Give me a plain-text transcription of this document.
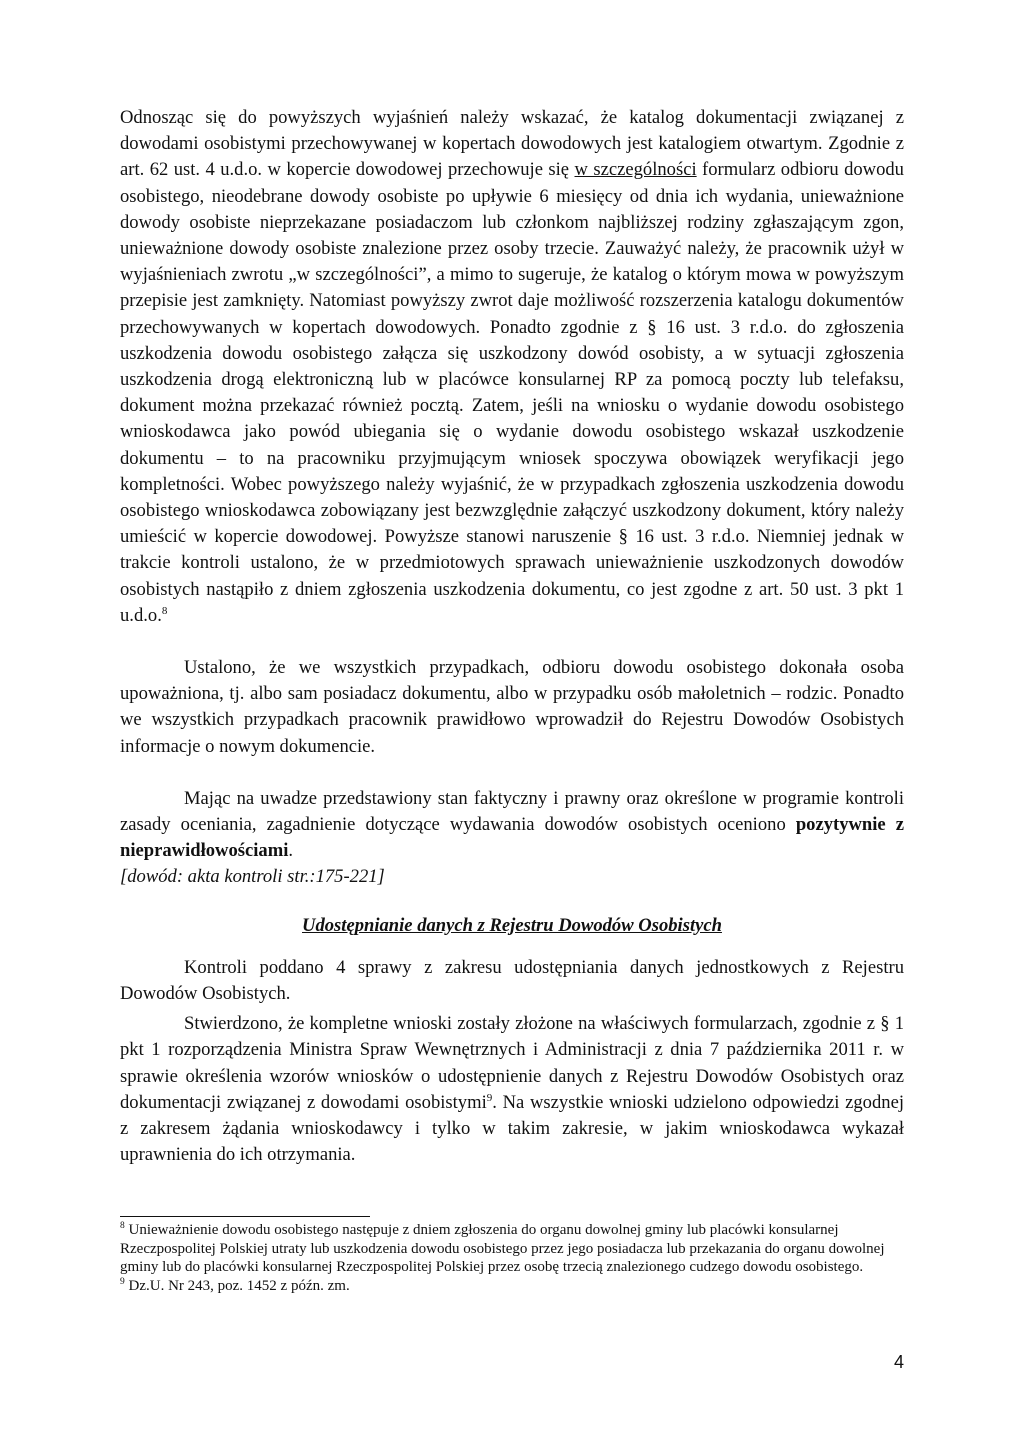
Odnosząc się do powyższych wyjaśnień należy wskazać, że katalog dokumentacji związanej z dowodami osobistymi przechowywanej w kopertach dowodowych jest katalogiem otwartym. Zgodnie z art. 62 ust. 4 u.d.o. w kopercie dowodowej przechowuje się w szczególności formularz odbioru dowodu osobistego, nieodebrane dowody osobiste po upływie 6 miesięcy od dnia ich wydania, unieważnione dowody osobiste nieprzekazane posiadaczom lub członkom najbliższej rodziny zgłaszającym zgon, unieważnione dowody osobiste znalezione przez osoby trzecie. Zauważyć należy, że pracownik użył w wyjaśnieniach zwrotu „w szczególności”, a mimo to sugeruje, że katalog o którym mowa w powyższym przepisie jest zamknięty. Natomiast powyższy zwrot daje możliwość rozszerzenia katalogu dokumentów przechowywanych w kopertach dowodowych. Ponadto zgodnie z § 16 ust. 3 r.d.o. do zgłoszenia uszkodzenia dowodu osobistego załącza się uszkodzony dowód osobisty, a w sytuacji zgłoszenia uszkodzenia drogą elektroniczną lub w placówce konsularnej RP za pomocą poczty lub telefaksu, dokument można przekazać również pocztą. Zatem, jeśli na wniosku o wydanie dowodu osobistego wnioskodawca jako powód ubiegania się o wydanie dowodu osobistego wskazał uszkodzenie dokumentu – to na pracowniku przyjmującym wniosek spoczywa obowiązek weryfikacji jego kompletności. Wobec powyższego należy wyjaśnić, że w przypadkach zgłoszenia uszkodzenia dowodu osobistego wnioskodawca zobowiązany jest bezwzględnie załączyć uszkodzony dokument, który należy umieścić w kopercie dowodowej. Powyższe stanowi naruszenie § 16 ust. 3 r.d.o. Niemniej jednak w trakcie kontroli ustalono, że w przedmiotowych sprawach unieważnienie uszkodzonych dowodów osobistych nastąpiło z dniem zgłoszenia uszkodzenia dokumentu, co jest zgodne z art. 50 ust. 3 pkt 1 u.d.o.$^8$

Ustalono, że we wszystkich przypadkach, odbioru dowodu osobistego dokonała osoba upoważniona, tj. albo sam posiadacz dokumentu, albo w przypadku osób małoletnich – rodzic. Ponadto we wszystkich przypadkach pracownik prawidłowo wprowadził do Rejestru Dowodów Osobistych informacje o nowym dokumencie.

Mając na uwadze przedstawiony stan faktyczny i prawny oraz określone w programie kontroli zasady oceniania, zagadnienie dotyczące wydawania dowodów osobistych oceniono pozytywnie z nieprawidłowościami.

[dowód: akta kontroli str.:175-221]

Udostępnianie danych z Rejestru Dowodów Osobistych

Kontroli poddano 4 sprawy z zakresu udostępniania danych jednostkowych z Rejestru Dowodów Osobistych.

Stwierdzono, że kompletne wnioski zostały złożone na właściwych formularzach, zgodnie z § 1 pkt 1 rozporządzenia Ministra Spraw Wewnętrznych i Administracji z dnia 7 października 2011 r. w sprawie określenia wzorów wniosków o udostępnienie danych z Rejestru Dowodów Osobistych oraz dokumentacji związanej z dowodami osobistymi$^9$. Na wszystkie wnioski udzielono odpowiedzi zgodnej z zakresem żądania wnioskodawcy i tylko w takim zakresie, w jakim wnioskodawca wykazał uprawnienia do ich otrzymania.

$^8$ Unieważnienie dowodu osobistego następuje z dniem zgłoszenia do organu dowolnej gminy lub placówki konsularnej Rzeczpospolitej Polskiej utraty lub uszkodzenia dowodu osobistego przez jego posiadacza lub przekazania do organu dowolnej gminy lub do placówki konsularnej Rzeczpospolitej Polskiej przez osobę trzecią znalezionego cudzego dowodu osobistego.

$^9$ Dz.U. Nr 243, poz. 1452 z późn. zm.

4
